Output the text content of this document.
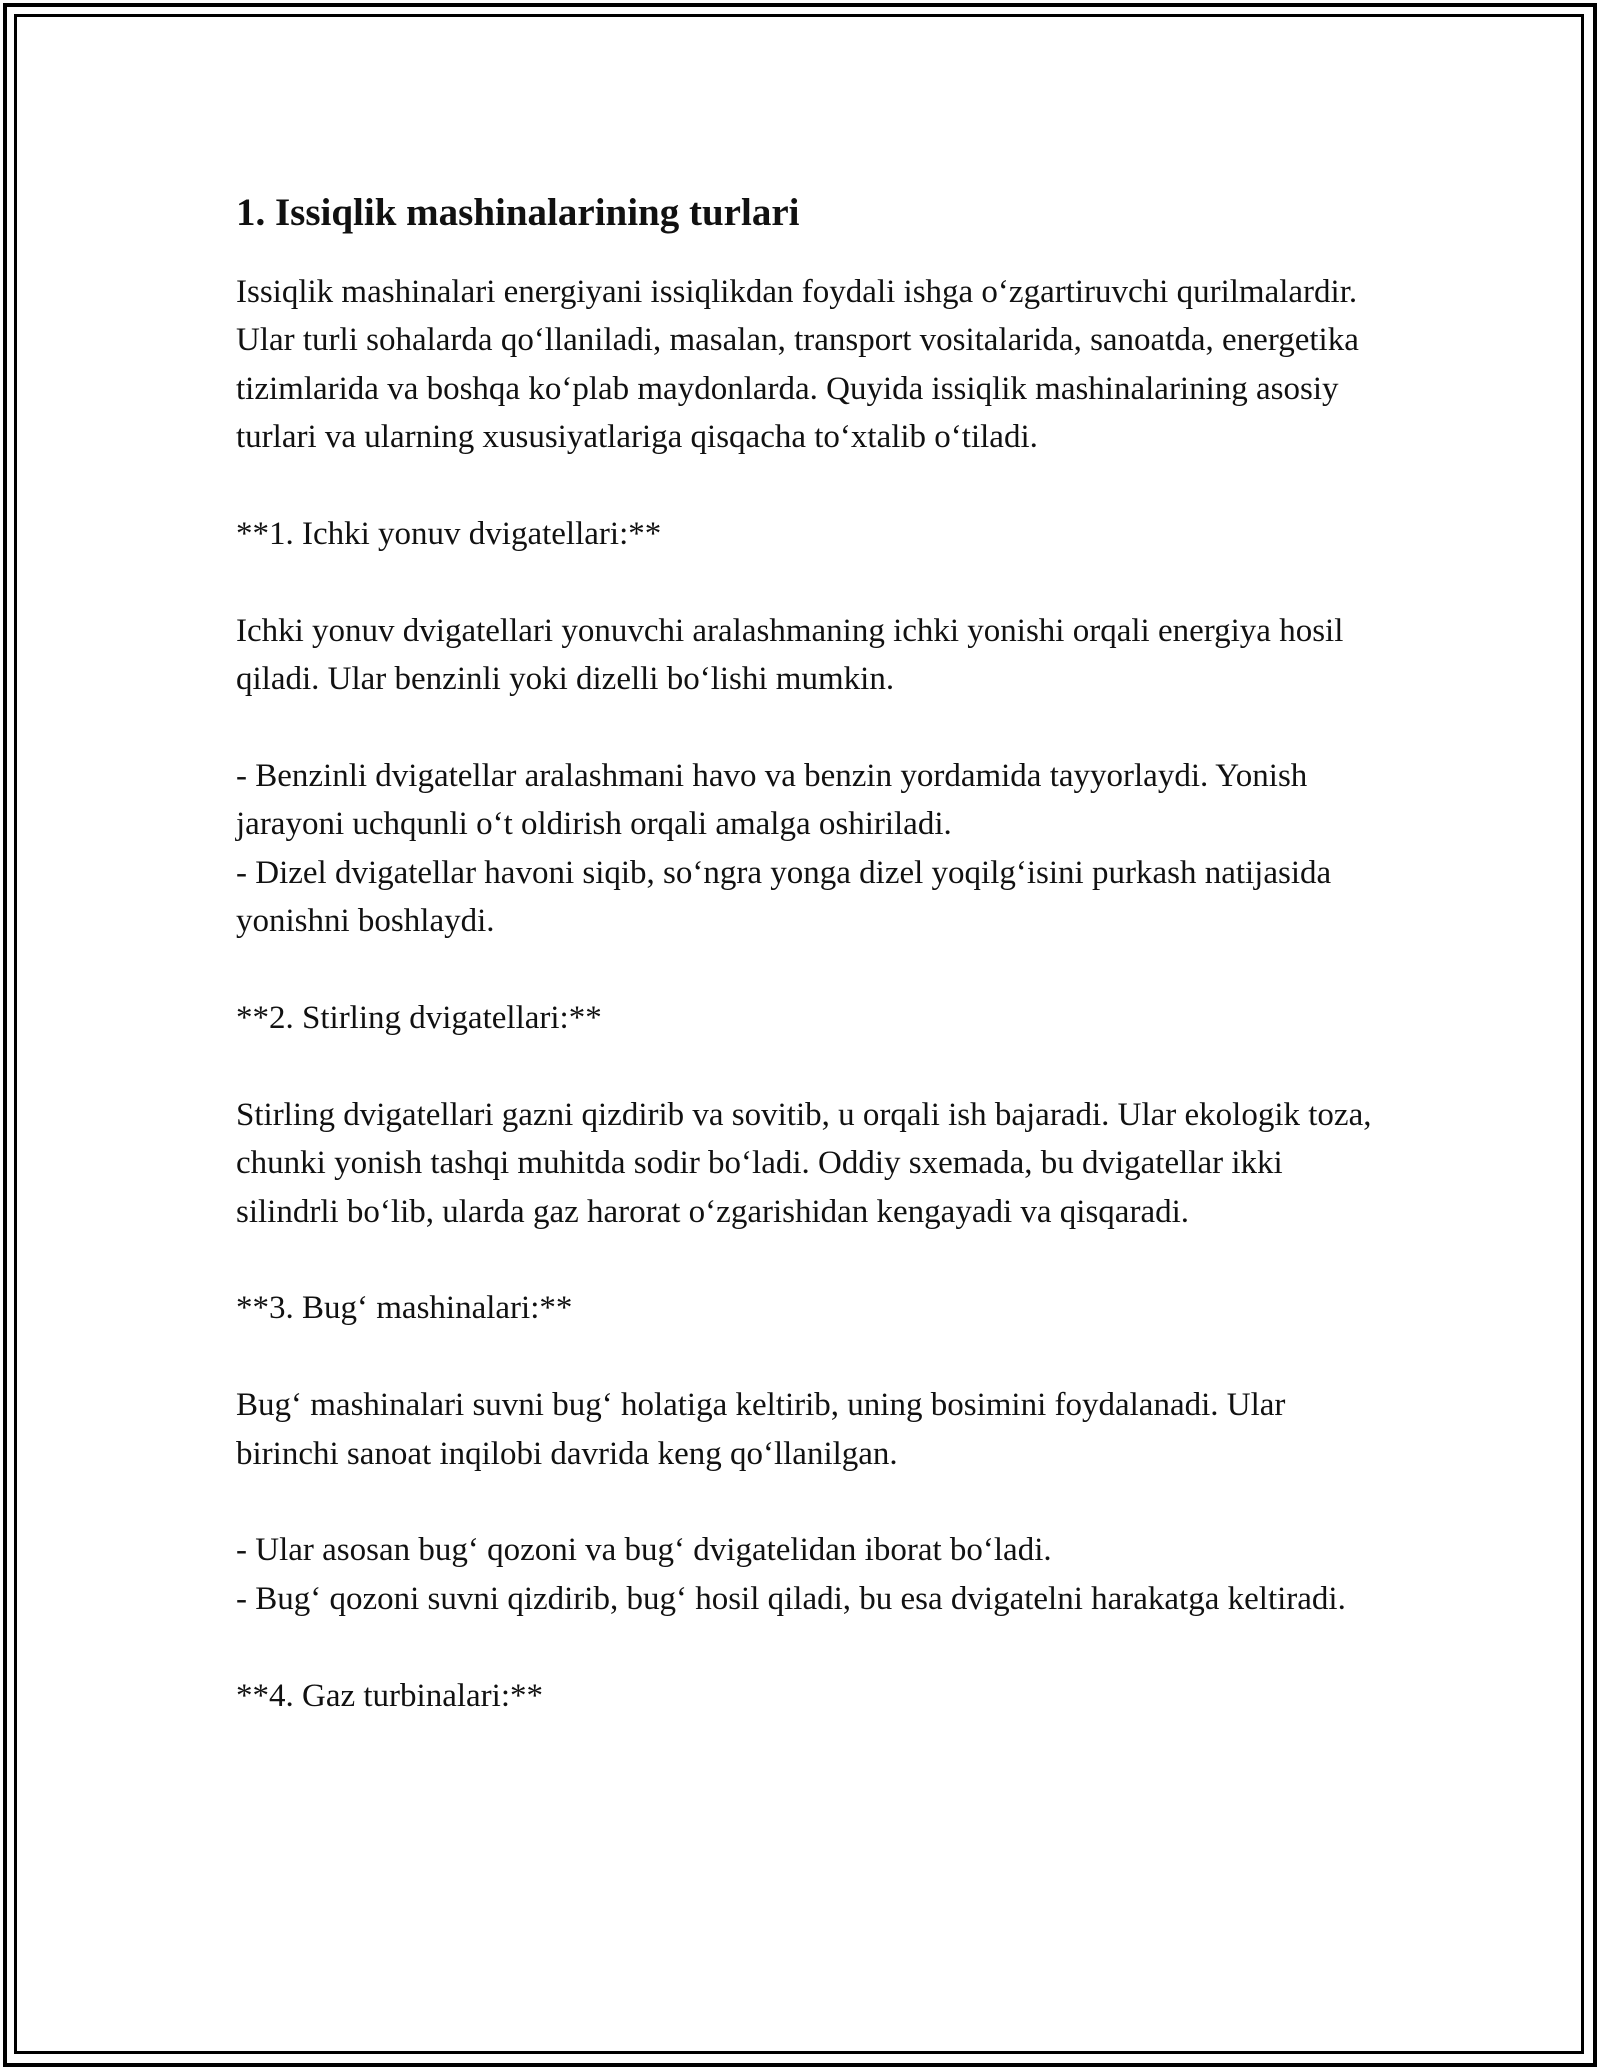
1. Issiqlik mashinalarining turlari

Issiqlik mashinalari energiyani issiqlikdan foydali ishga o‘zgartiruvchi qurilmalardir. Ular turli sohalarda qo‘llaniladi, masalan, transport vositalarida, sanoatda, energetika tizimlarida va boshqa ko‘plab maydonlarda. Quyida issiqlik mashinalarining asosiy turlari va ularning xususiyatlariga qisqacha to‘xtalib o‘tiladi.

**1. Ichki yonuv dvigatellari:**

Ichki yonuv dvigatellari yonuvchi aralashmaning ichki yonishi orqali energiya hosil qiladi. Ular benzinli yoki dizelli bo‘lishi mumkin.

- Benzinli dvigatellar aralashmani havo va benzin yordamida tayyorlaydi. Yonish jarayoni uchqunli o‘t oldirish orqali amalga oshiriladi.

- Dizel dvigatellar havoni siqib, so‘ngra yonga dizel yoqilg‘isini purkash natijasida yonishni boshlaydi.

**2. Stirling dvigatellari:**

Stirling dvigatellari gazni qizdirib va sovitib, u orqali ish bajaradi. Ular ekologik toza, chunki yonish tashqi muhitda sodir bo‘ladi. Oddiy sxemada, bu dvigatellar ikki silindrli bo‘lib, ularda gaz harorat o‘zgarishidan kengayadi va qisqaradi.

**3. Bug‘ mashinalari:**

Bug‘ mashinalari suvni bug‘ holatiga keltirib, uning bosimini foydalanadi. Ular birinchi sanoat inqilobi davrida keng qo‘llanilgan.

- Ular asosan bug‘ qozoni va bug‘ dvigatelidan iborat bo‘ladi.

- Bug‘ qozoni suvni qizdirib, bug‘ hosil qiladi, bu esa dvigatelni harakatga keltiradi.

**4. Gaz turbinalari:**
